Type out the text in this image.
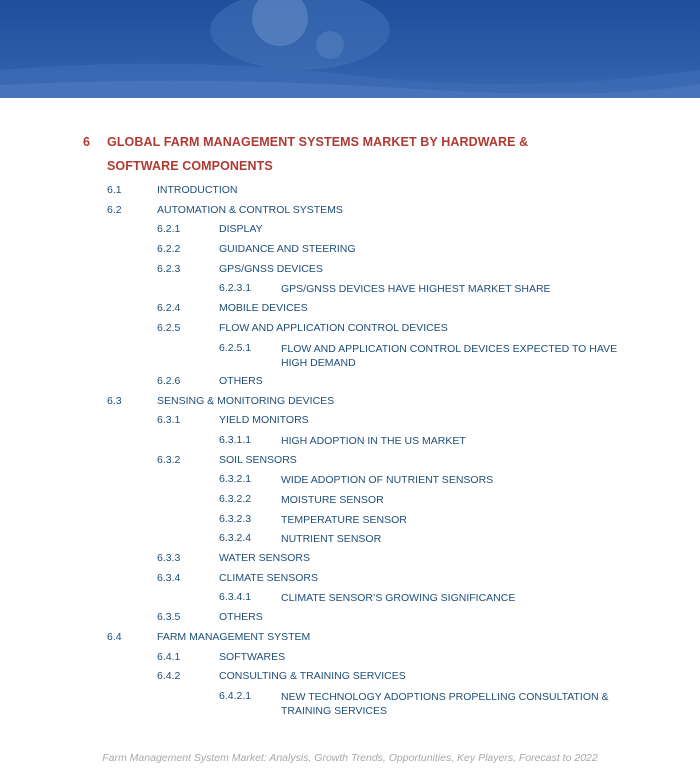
6 GLOBAL FARM MANAGEMENT SYSTEMS MARKET BY HARDWARE &
SOFTWARE COMPONENTS
6.1	INTRODUCTION
6.2	AUTOMATION & CONTROL SYSTEMS
6.2.1	DISPLAY
6.2.2	GUIDANCE AND STEERING
6.2.3	GPS/GNSS DEVICES
6.2.3.1	GPS/GNSS DEVICES HAVE HIGHEST MARKET SHARE
6.2.4	MOBILE DEVICES
6.2.5	FLOW AND APPLICATION CONTROL DEVICES
6.2.5.1	FLOW AND APPLICATION CONTROL DEVICES EXPECTED TO HAVE HIGH DEMAND
6.2.6	OTHERS
6.3	SENSING & MONITORING DEVICES
6.3.1	YIELD MONITORS
6.3.1.1	HIGH ADOPTION IN THE US MARKET
6.3.2	SOIL SENSORS
6.3.2.1	WIDE ADOPTION OF NUTRIENT SENSORS
6.3.2.2	MOISTURE SENSOR
6.3.2.3	TEMPERATURE SENSOR
6.3.2.4	NUTRIENT SENSOR
6.3.3	WATER SENSORS
6.3.4	CLIMATE SENSORS
6.3.4.1	CLIMATE SENSOR’S GROWING SIGNIFICANCE
6.3.5	OTHERS
6.4	FARM MANAGEMENT SYSTEM
6.4.1	SOFTWARES
6.4.2	CONSULTING & TRAINING SERVICES
6.4.2.1	NEW TECHNOLOGY ADOPTIONS PROPELLING CONSULTATION & TRAINING SERVICES
Farm Management System Market: Analysis, Growth Trends, Opportunities, Key Players, Forecast to 2022
